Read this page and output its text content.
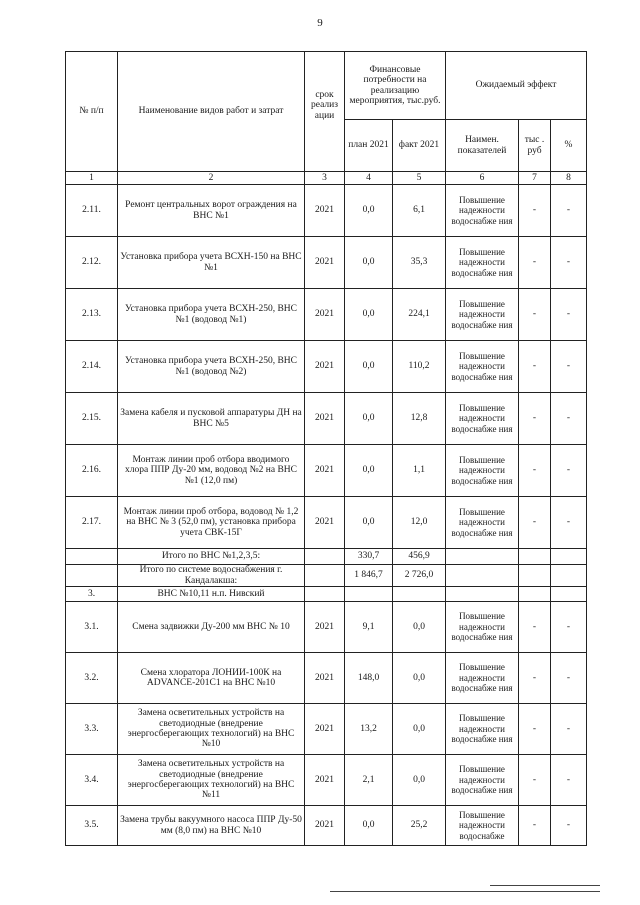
9
№ п/п	Наименование видов работ и затрат	срок реализ ации	Финансовые потребности на реализацию мероприятия, тыс.руб.		Ожидаемый эффект		
			план 2021	факт 2021	Наимен. показателей	тыс . руб	%
1	2	3	4	5	6	7	8
2.11.	Ремонт центральных ворот ограждения на ВНС №1	2021	0,0	6,1	Повышение надежности водоснабже ния	-	-
2.12.	Установка прибора учета ВСХН-150 на ВНС №1	2021	0,0	35,3	Повышение надежности водоснабже ния	-	-
2.13.	Установка прибора учета ВСХН-250, ВНС №1 (водовод №1)	2021	0,0	224,1	Повышение надежности водоснабже ния	-	-
2.14.	Установка прибора учета ВСХН-250, ВНС №1 (водовод №2)	2021	0,0	110,2	Повышение надежности водоснабже ния	-	-
2.15.	Замена кабеля и пусковой аппаратуры ДН на ВНС №5	2021	0,0	12,8	Повышение надежности водоснабже ния	-	-
2.16.	Монтаж линии проб отбора вводимого хлора ППР Ду-20 мм, водовод №2 на ВНС №1 (12,0 пм)	2021	0,0	1,1	Повышение надежности водоснабже ния	-	-
2.17.	Монтаж линии проб отбора, водовод № 1,2 на ВНС № 3 (52,0 пм), установка прибора учета СВК-15Г	2021	0,0	12,0	Повышение надежности водоснабже ния	-	-
	Итого по ВНС №1,2,3,5:		330,7	456,9			
	Итого по системе водоснабжения г. Кандалакша:		1 846,7	2 726,0			
3.	ВНС №10,11 н.п. Нивский						
3.1.	Смена задвижки Ду-200 мм ВНС № 10	2021	9,1	0,0	Повышение надежности водоснабже ния	-	-
3.2.	Смена хлоратора ЛОНИИ-100К на ADVANCE-201C1 на ВНС №10	2021	148,0	0,0	Повышение надежности водоснабже ния	-	-
3.3.	Замена осветительных устройств на светодиодные (внедрение энергосберегающих технологий) на ВНС №10	2021	13,2	0,0	Повышение надежности водоснабже ния	-	-
3.4.	Замена осветительных устройств на светодиодные (внедрение энергосберегающих технологий) на ВНС №11	2021	2,1	0,0	Повышение надежности водоснабже ния	-	-
3.5.	Замена трубы вакуумного насоса ППР Ду-50 мм (8,0 пм) на ВНС №10	2021	0,0	25,2	Повышение надежности водоснабже	-	-
